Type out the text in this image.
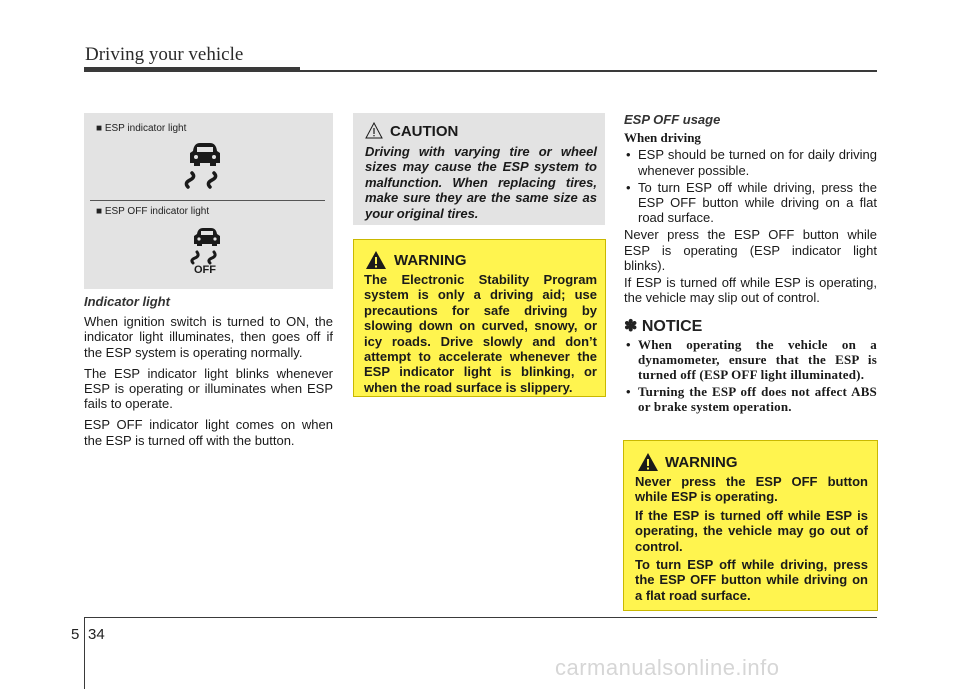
Driving your vehicle
■ ESP indicator light
■ ESP OFF indicator light
OFF
Indicator light

When ignition switch is turned to ON, the indicator light illuminates, then goes off if the ESP system is operating normally.

The ESP indicator light blinks whenever ESP is operating or illuminates when ESP fails to operate.

ESP OFF indicator light comes on when the ESP is turned off with the button.

CAUTION
Driving with varying tire or wheel sizes may cause the ESP system to malfunction. When replacing tires, make sure they are the same size as your original tires.
WARNING
The Electronic Stability Program system is only a driving aid; use precautions for safe driving by slowing down on curved, snowy, or icy roads. Drive slowly and don’t attempt to accelerate whenever the ESP indicator light is blinking, or when the road surface is slippery.
ESP OFF usage
When driving
• ESP should be turned on for daily driving whenever possible.
• To turn ESP off while driving, press the ESP OFF button while driving on a flat road surface.

Never press the ESP OFF button while ESP is operating (ESP indicator light blinks).

If ESP is turned off while ESP is operating, the vehicle may slip out of control.

✽ NOTICE
• When operating the vehicle on a dynamometer, ensure that the ESP is turned off (ESP OFF light illuminated).
• Turning the ESP off does not affect ABS or brake system operation.
WARNING

Never press the ESP OFF button while ESP is operating.

If the ESP is turned off while ESP is operating, the vehicle may go out of control.

To turn ESP off while driving, press the ESP OFF button while driving on a flat road surface.

5 34
carmanualsonline.info
